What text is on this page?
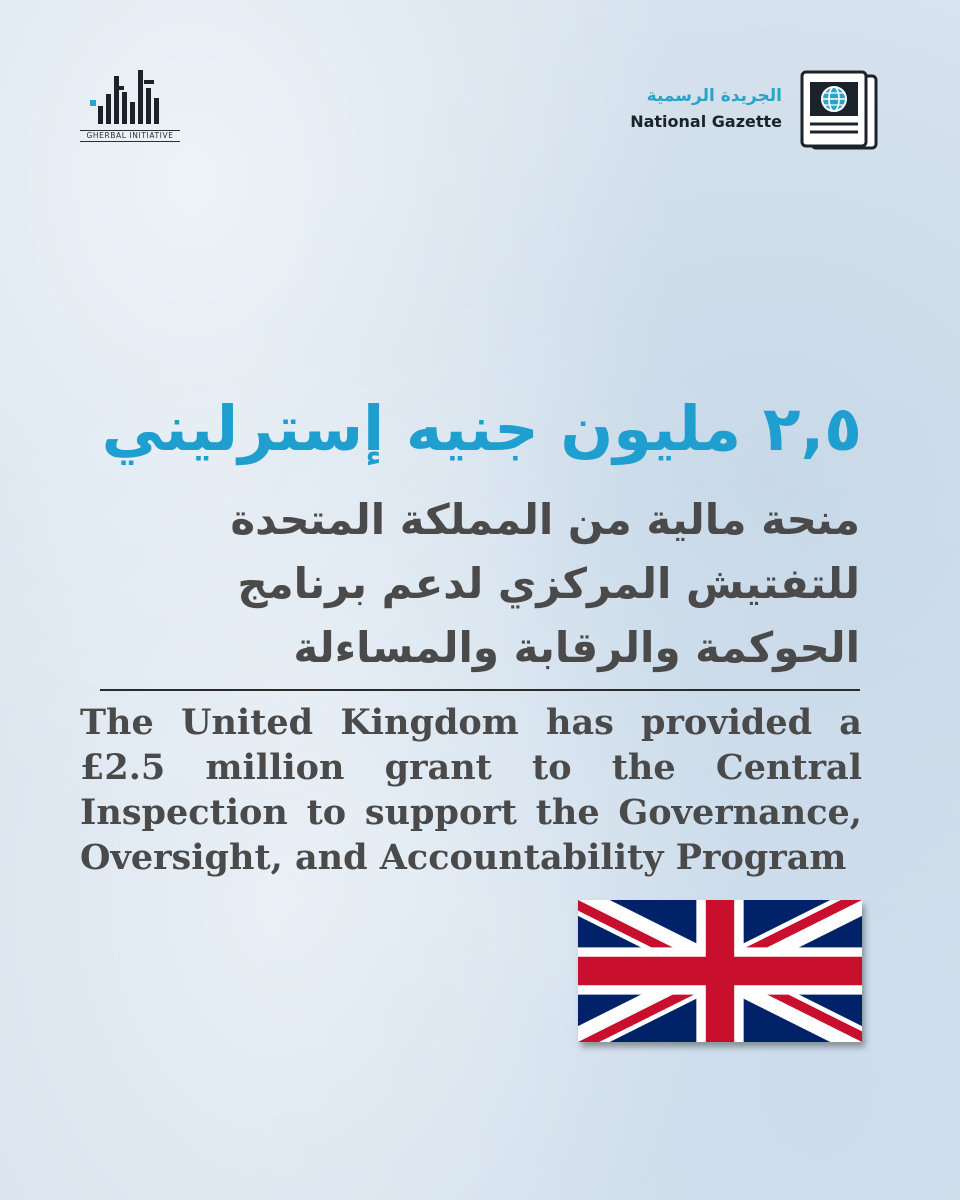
GHERBAL INITIATIVE
الجريدة الرسمية
National Gazette
٢,٥ مليون جنيه إسترليني
منحة مالية من المملكة المتحدة للتفتيش المركزي لدعم برنامج الحوكمة والرقابة والمساءلة
The United Kingdom has provided a £2.5 million grant to the Central Inspection to support the Governance, Oversight, and Accountability Program
